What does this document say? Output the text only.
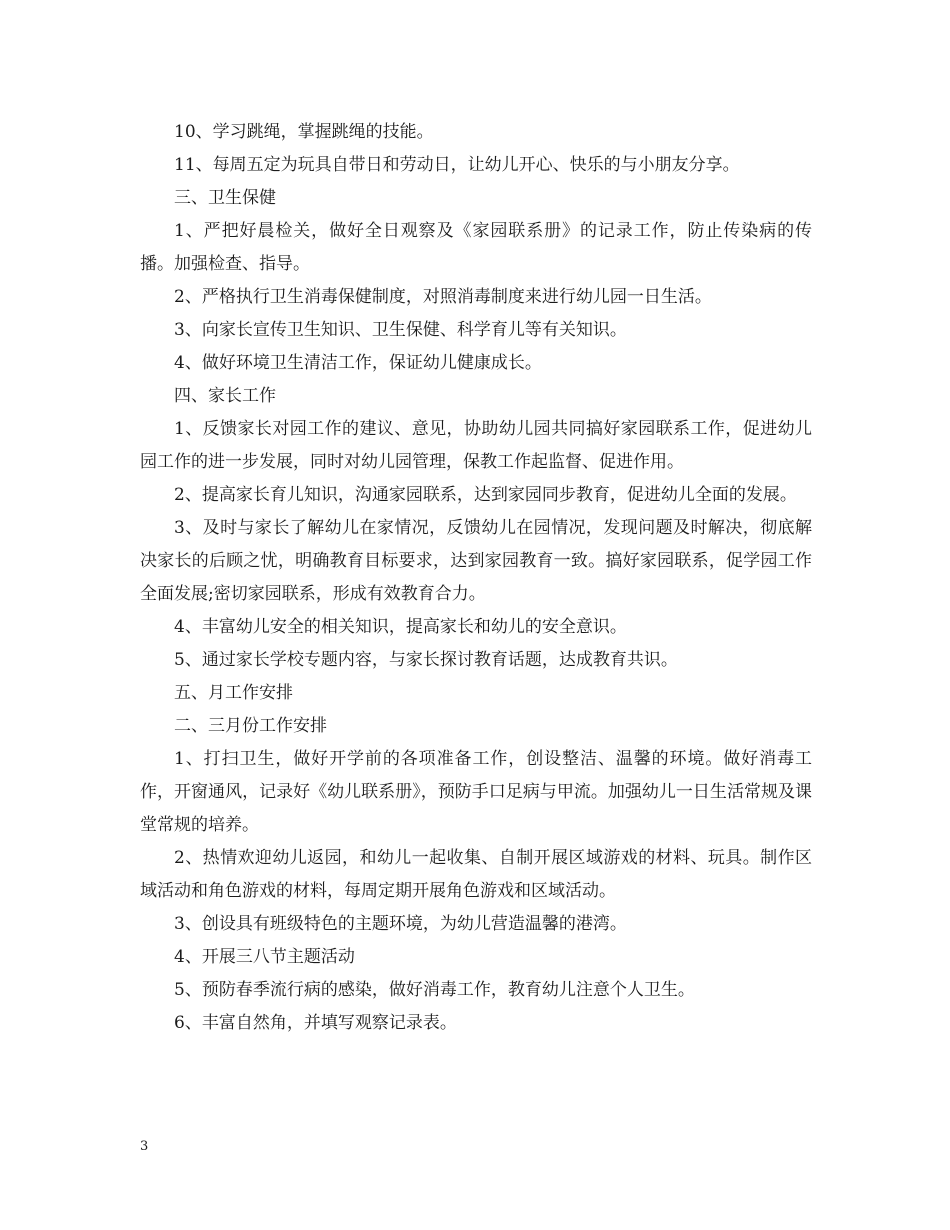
10、学习跳绳，掌握跳绳的技能。

11、每周五定为玩具自带日和劳动日，让幼儿开心、快乐的与小朋友分享。

三、卫生保健

1、严把好晨检关，做好全日观察及《家园联系册》的记录工作，防止传染病的传播。加强检查、指导。

2、严格执行卫生消毒保健制度，对照消毒制度来进行幼儿园一日生活。

3、向家长宣传卫生知识、卫生保健、科学育儿等有关知识。

4、做好环境卫生清洁工作，保证幼儿健康成长。

四、家长工作

1、反馈家长对园工作的建议、意见，协助幼儿园共同搞好家园联系工作，促进幼儿园工作的进一步发展，同时对幼儿园管理，保教工作起监督、促进作用。

2、提高家长育儿知识，沟通家园联系，达到家园同步教育，促进幼儿全面的发展。

3、及时与家长了解幼儿在家情况，反馈幼儿在园情况，发现问题及时解决，彻底解决家长的后顾之忧，明确教育目标要求，达到家园教育一致。搞好家园联系，促学园工作全面发展;密切家园联系，形成有效教育合力。

4、丰富幼儿安全的相关知识，提高家长和幼儿的安全意识。

5、通过家长学校专题内容，与家长探讨教育话题，达成教育共识。

五、月工作安排

二、三月份工作安排

1、打扫卫生，做好开学前的各项准备工作，创设整洁、温馨的环境。做好消毒工作，开窗通风，记录好《幼儿联系册》，预防手口足病与甲流。加强幼儿一日生活常规及课堂常规的培养。

2、热情欢迎幼儿返园，和幼儿一起收集、自制开展区域游戏的材料、玩具。制作区域活动和角色游戏的材料，每周定期开展角色游戏和区域活动。

3、创设具有班级特色的主题环境，为幼儿营造温馨的港湾。

4、开展三八节主题活动

5、预防春季流行病的感染，做好消毒工作，教育幼儿注意个人卫生。

6、丰富自然角，并填写观察记录表。

3
